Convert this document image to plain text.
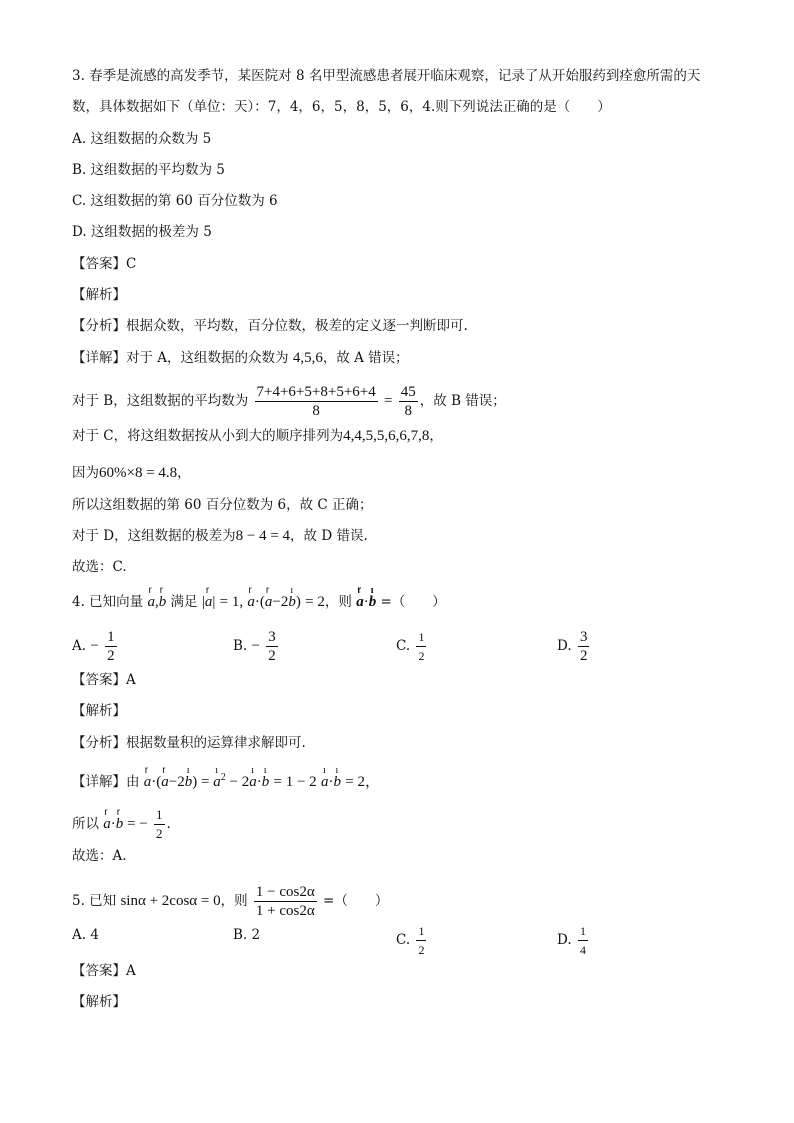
3. 春季是流感的高发季节，某医院对 8 名甲型流感患者展开临床观察，记录了从开始服药到痊愈所需的天
数，具体数据如下（单位：天）：7，4，6，5，8，5，6，4.则下列说法正确的是（　　）
A. 这组数据的众数为 5
B. 这组数据的平均数为 5
C. 这组数据的第 60 百分位数为 6
D. 这组数据的极差为 5
【答案】C
【解析】
【分析】根据众数，平均数，百分位数，极差的定义逐一判断即可.
【详解】对于 A，这组数据的众数为 4,5,6，故 A 错误；
对于 B，这组数据的平均数为 $\frac{7+4+6+5+8+5+6+4}{8} = \frac{45}{8}$ ，故 B 错误；
对于 C，将这组数据按从小到大的顺序排列为4,4,5,5,6,6,7,8，
因为60%×8 = 4.8，
所以这组数据的第 60 百分位数为 6，故 C 正确；
对于 D，这组数据的极差为8 − 4 = 4，故 D 错误.
故选：C.
4. 已知向量 r a,r b 满足 |r a| = 1, r a·(r a−2ı b) = 2，则 r a·ı b =（　　）
A. − $\frac{1}{2}$	B. − $\frac{3}{2}$	C. $\frac{1}{2}$	D. $\frac{3}{2}$
【答案】A
【解析】
【分析】根据数量积的运算律求解即可.
【详解】由 r a·(r a−2ı b) = ı $a^2$ − 2ı a·ı b = 1 − 2 ı a·ı b = 2，
所以 r a·r b = − $\frac{1}{2}$ .
故选：A.
5. 已知 sinα + 2cosα = 0，则 $\frac{1 - \cos 2\alpha}{1 + \cos 2\alpha}$ =（　　）
A. 4	B. 2	C. $\frac{1}{2}$	D. $\frac{1}{4}$
【答案】A
【解析】
